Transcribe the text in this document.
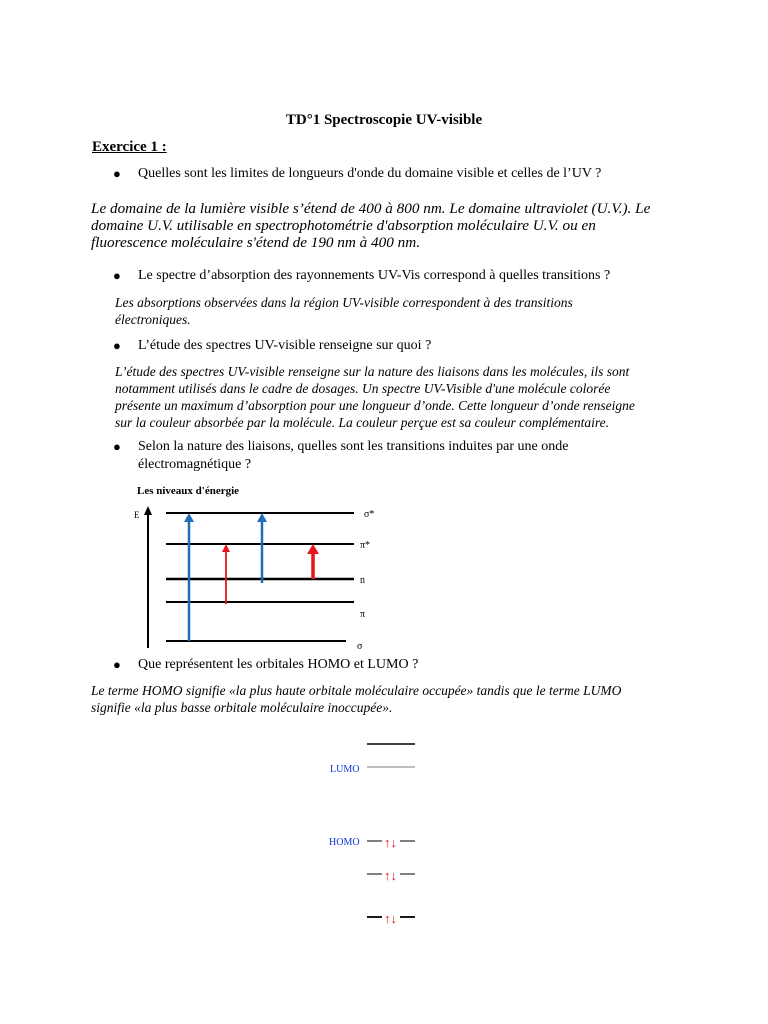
TD°1 Spectroscopie UV-visible
Exercice 1 :
● Quelles sont les limites de longueurs d'onde du domaine visible et celles de l’UV ?
Le domaine de la lumière visible s’étend de 400 à 800 nm. Le domaine ultraviolet (U.V.). Le
domaine U.V. utilisable en spectrophotométrie d'absorption moléculaire U.V. ou en
fluorescence moléculaire s'étend de 190 nm à 400 nm.
● Le spectre d’absorption des rayonnements UV-Vis correspond à quelles transitions ?
Les absorptions observées dans la région UV-visible correspondent à des transitions
électroniques.
● L’étude des spectres UV-visible renseigne sur quoi ?
L’étude des spectres UV-visible renseigne sur la nature des liaisons dans les molécules, ils sont
notamment utilisés dans le cadre de dosages. Un spectre UV-Visible d'une molécule colorée
présente un maximum d’absorption pour une longueur d’onde. Cette longueur d’onde renseigne
sur la couleur absorbée par la molécule. La couleur perçue est sa couleur complémentaire.
● Selon la nature des liaisons, quelles sont les transitions induites par une onde
électromagnétique ?
Les niveaux d'énergie
E	σ*
π*
n
π
σ
● Que représentent les orbitales HOMO et LUMO ?
Le terme HOMO signifie «la plus haute orbitale moléculaire occupée» tandis que le terme LUMO
signifie «la plus basse orbitale moléculaire inoccupée».
LUMO
HOMO ↑↓
↑↓
↑↓
